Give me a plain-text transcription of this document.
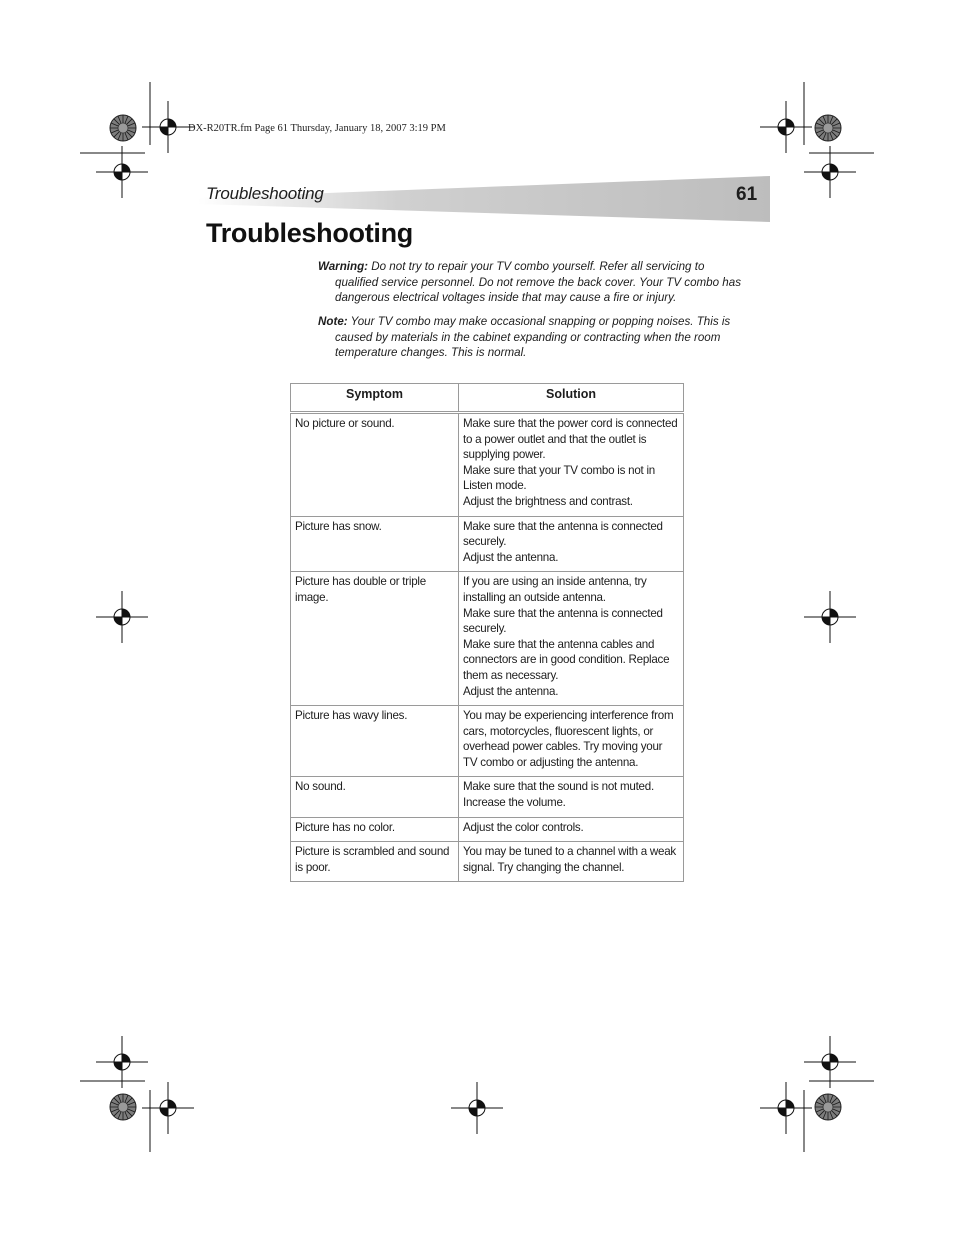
DX-R20TR.fm Page 61 Thursday, January 18, 2007 3:19 PM
Troubleshooting	61
Troubleshooting
Warning: Do not try to repair your TV combo yourself. Refer all servicing to qualified service personnel. Do not remove the back cover. Your TV combo has dangerous electrical voltages inside that may cause a fire or injury.
Note: Your TV combo may make occasional snapping or popping noises. This is caused by materials in the cabinet expanding or contracting when the room temperature changes. This is normal.
Symptom	Solution
No picture or sound.	Make sure that the power cord is connected to a power outlet and that the outlet is supplying power.
Make sure that your TV combo is not in Listen mode.
Adjust the brightness and contrast.

Picture has snow.	Make sure that the antenna is connected securely.
Adjust the antenna.

Picture has double or triple image.	If you are using an inside antenna, try installing an outside antenna.
Make sure that the antenna is connected securely.
Make sure that the antenna cables and connectors are in good condition. Replace them as necessary.
Adjust the antenna.

Picture has wavy lines.	You may be experiencing interference from cars, motorcycles, fluorescent lights, or overhead power cables. Try moving your TV combo or adjusting the antenna.

No sound.	Make sure that the sound is not muted.
Increase the volume.

Picture has no color.	Adjust the color controls.

Picture is scrambled and sound is poor.	You may be tuned to a channel with a weak signal. Try changing the channel.
